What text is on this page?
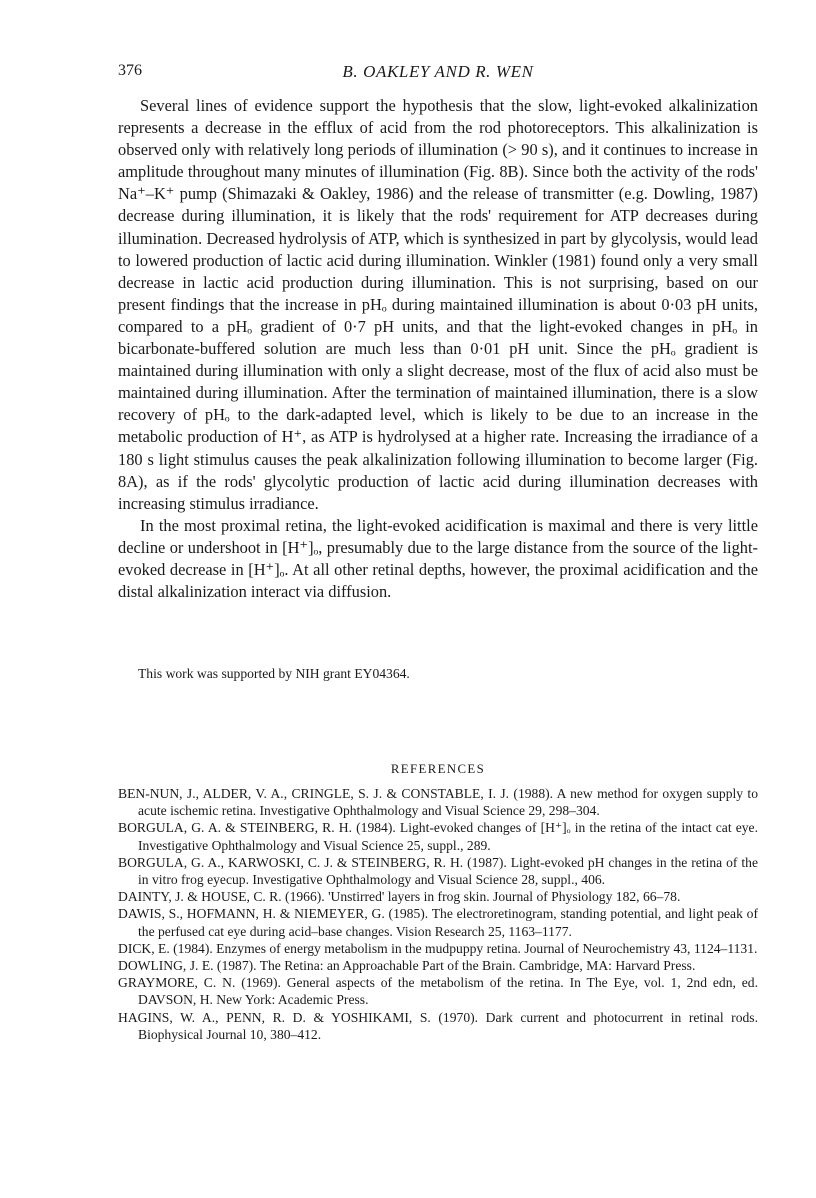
376	B. OAKLEY AND R. WEN

Several lines of evidence support the hypothesis that the slow, light-evoked alkalinization represents a decrease in the efflux of acid from the rod photoreceptors. This alkalinization is observed only with relatively long periods of illumination (> 90 s), and it continues to increase in amplitude throughout many minutes of illumination (Fig. 8B). Since both the activity of the rods' Na⁺–K⁺ pump (Shimazaki & Oakley, 1986) and the release of transmitter (e.g. Dowling, 1987) decrease during illumination, it is likely that the rods' requirement for ATP decreases during illumination. Decreased hydrolysis of ATP, which is synthesized in part by glycolysis, would lead to lowered production of lactic acid during illumination. Winkler (1981) found only a very small decrease in lactic acid production during illumination. This is not surprising, based on our present findings that the increase in pHₒ during maintained illumination is about 0·03 pH units, compared to a pHₒ gradient of 0·7 pH units, and that the light-evoked changes in pHₒ in bicarbonate-buffered solution are much less than 0·01 pH unit. Since the pHₒ gradient is maintained during illumination with only a slight decrease, most of the flux of acid also must be maintained during illumination. After the termination of maintained illumination, there is a slow recovery of pHₒ to the dark-adapted level, which is likely to be due to an increase in the metabolic production of H⁺, as ATP is hydrolysed at a higher rate. Increasing the irradiance of a 180 s light stimulus causes the peak alkalinization following illumination to become larger (Fig. 8A), as if the rods' glycolytic production of lactic acid during illumination decreases with increasing stimulus irradiance.

In the most proximal retina, the light-evoked acidification is maximal and there is very little decline or undershoot in [H⁺]ₒ, presumably due to the large distance from the source of the light-evoked decrease in [H⁺]ₒ. At all other retinal depths, however, the proximal acidification and the distal alkalinization interact via diffusion.

This work was supported by NIH grant EY04364.
REFERENCES
BEN-NUN, J., ALDER, V. A., CRINGLE, S. J. & CONSTABLE, I. J. (1988). A new method for oxygen supply to acute ischemic retina. Investigative Ophthalmology and Visual Science 29, 298–304.
BORGULA, G. A. & STEINBERG, R. H. (1984). Light-evoked changes of [H⁺]ₒ in the retina of the intact cat eye. Investigative Ophthalmology and Visual Science 25, suppl., 289.
BORGULA, G. A., KARWOSKI, C. J. & STEINBERG, R. H. (1987). Light-evoked pH changes in the retina of the in vitro frog eyecup. Investigative Ophthalmology and Visual Science 28, suppl., 406.
DAINTY, J. & HOUSE, C. R. (1966). 'Unstirred' layers in frog skin. Journal of Physiology 182, 66–78.
DAWIS, S., HOFMANN, H. & NIEMEYER, G. (1985). The electroretinogram, standing potential, and light peak of the perfused cat eye during acid–base changes. Vision Research 25, 1163–1177.
DICK, E. (1984). Enzymes of energy metabolism in the mudpuppy retina. Journal of Neurochemistry 43, 1124–1131.
DOWLING, J. E. (1987). The Retina: an Approachable Part of the Brain. Cambridge, MA: Harvard Press.
GRAYMORE, C. N. (1969). General aspects of the metabolism of the retina. In The Eye, vol. 1, 2nd edn, ed. DAVSON, H. New York: Academic Press.
HAGINS, W. A., PENN, R. D. & YOSHIKAMI, S. (1970). Dark current and photocurrent in retinal rods. Biophysical Journal 10, 380–412.
